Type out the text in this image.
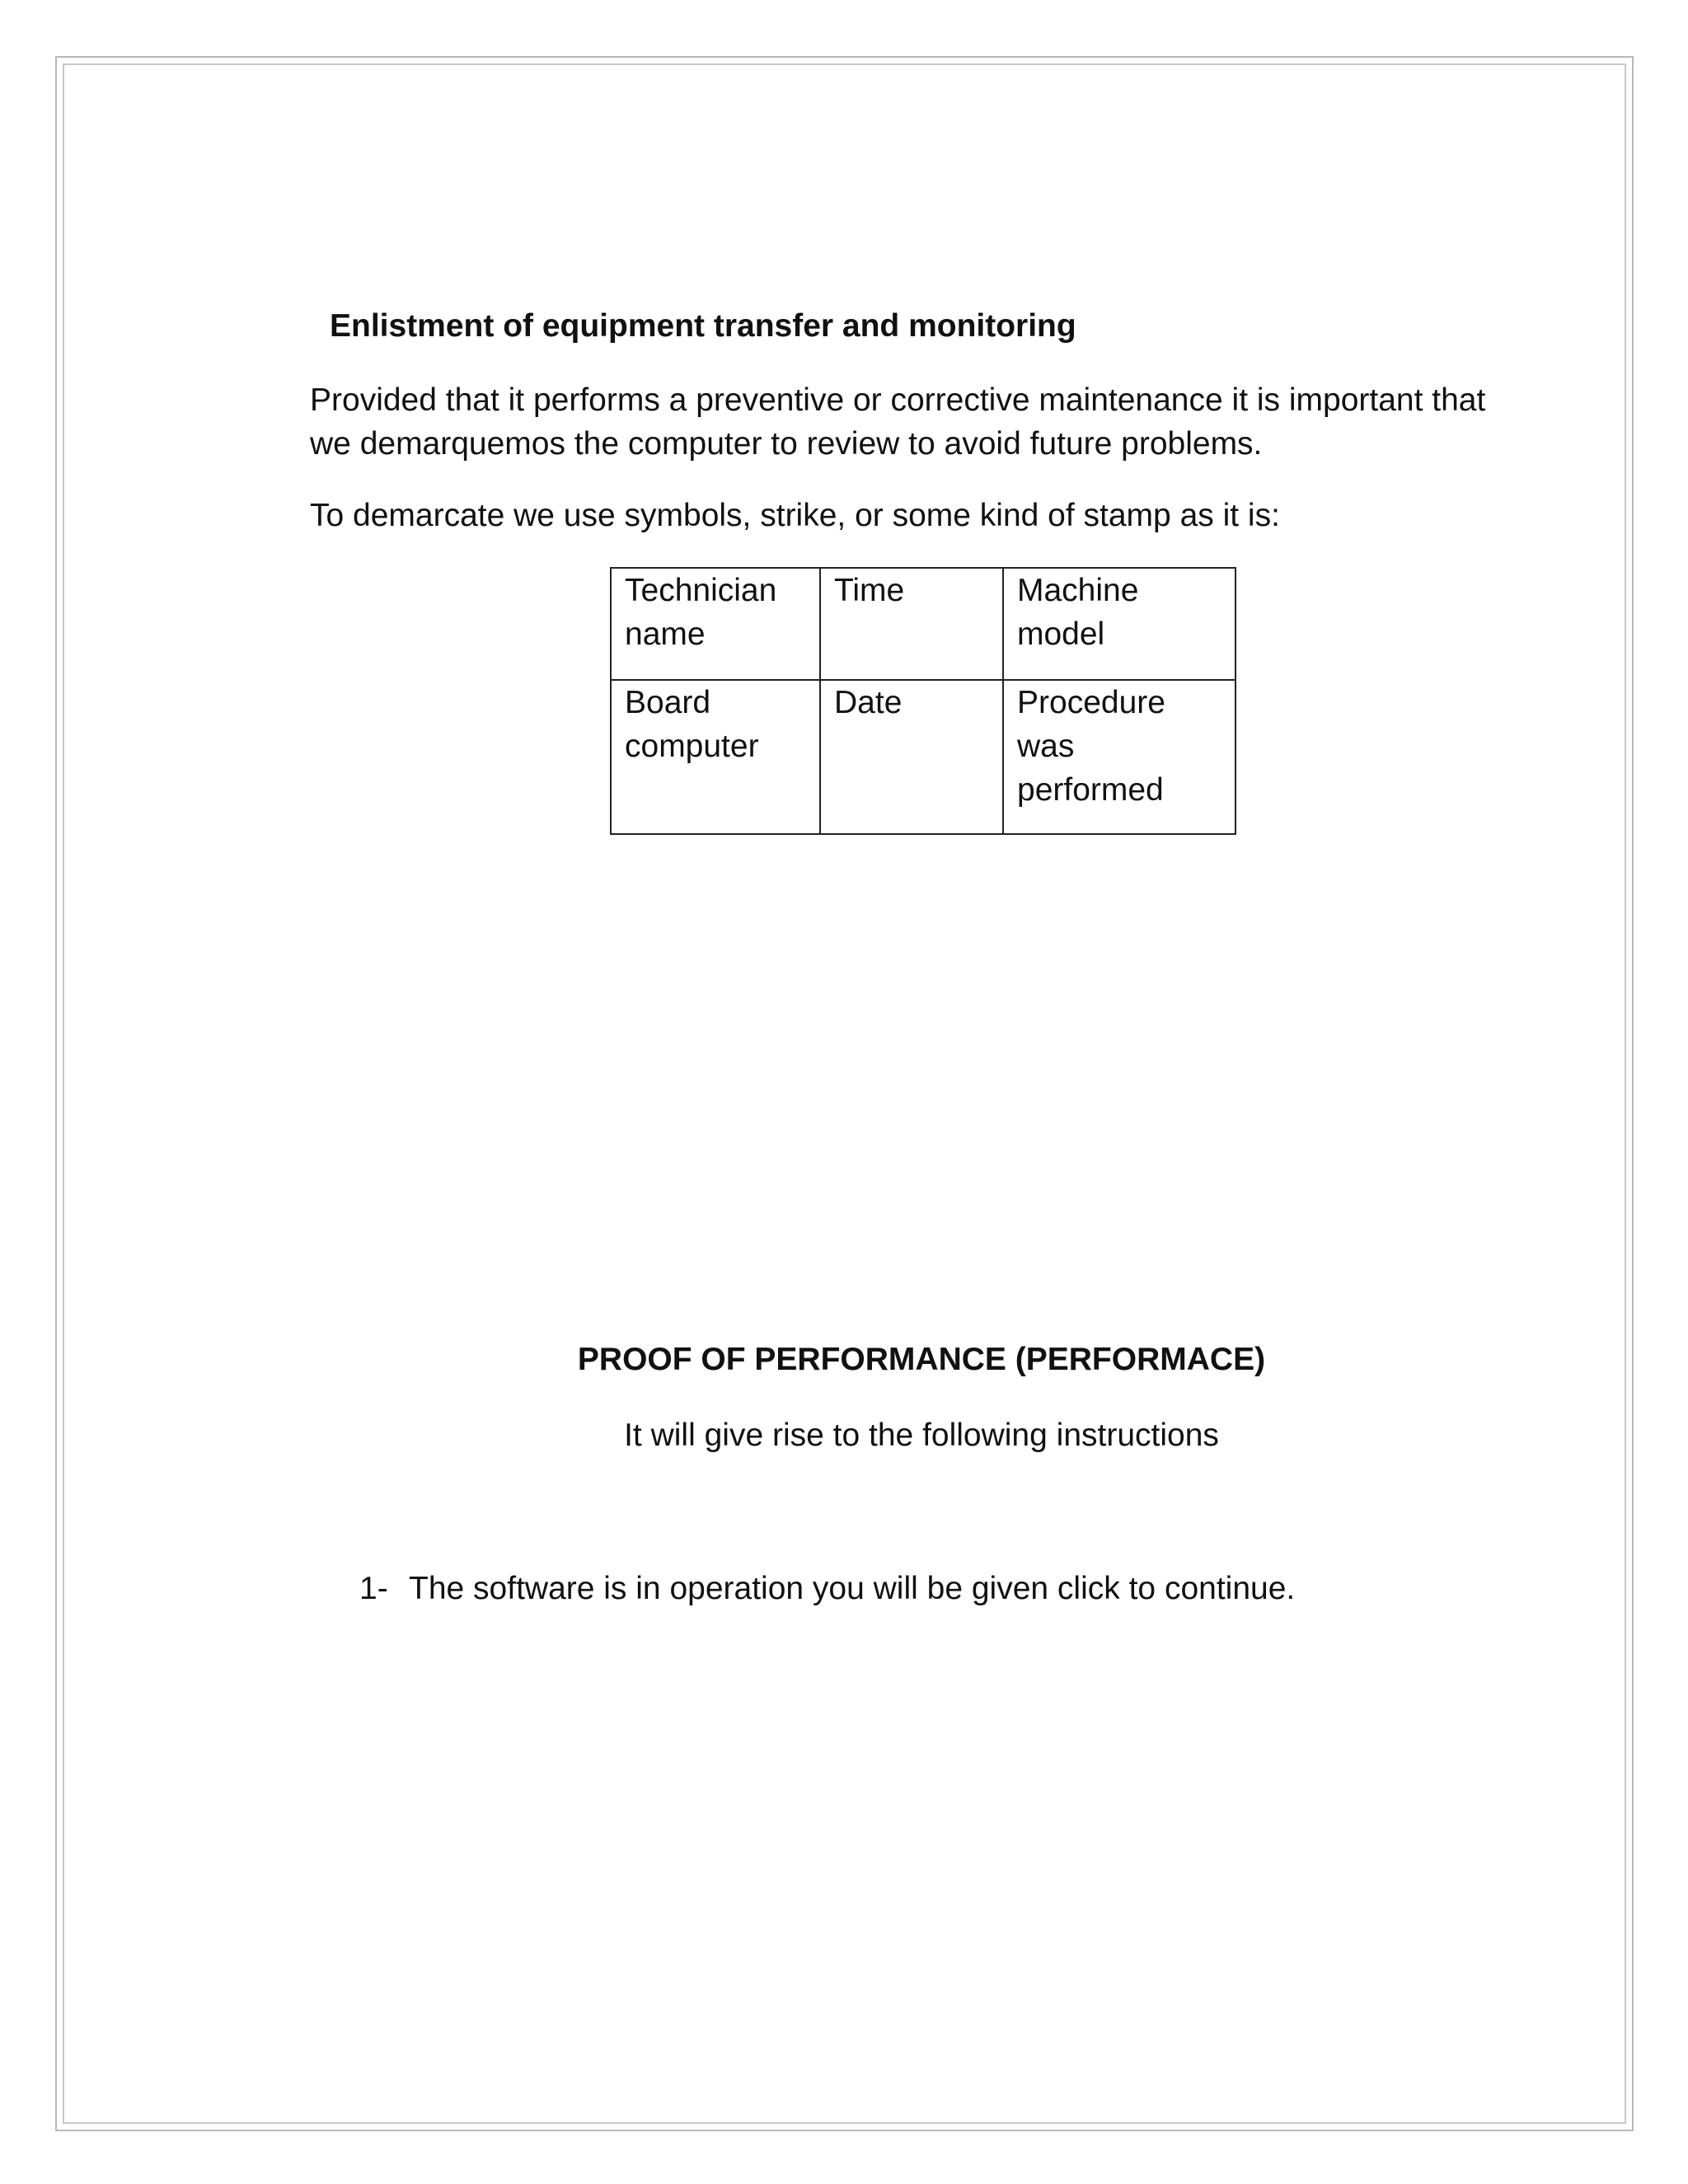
Enlistment of equipment transfer and monitoring
Provided that it performs a preventive or corrective maintenance it is important that
we demarquemos the computer to review to avoid future problems.
To demarcate we use symbols, strike, or some kind of stamp as it is:
Technician name	Time	Machine model
Board computer	Date	Procedure was performed
PROOF OF PERFORMANCE (PERFORMACE)
It will give rise to the following instructions
1- The software is in operation you will be given click to continue.
